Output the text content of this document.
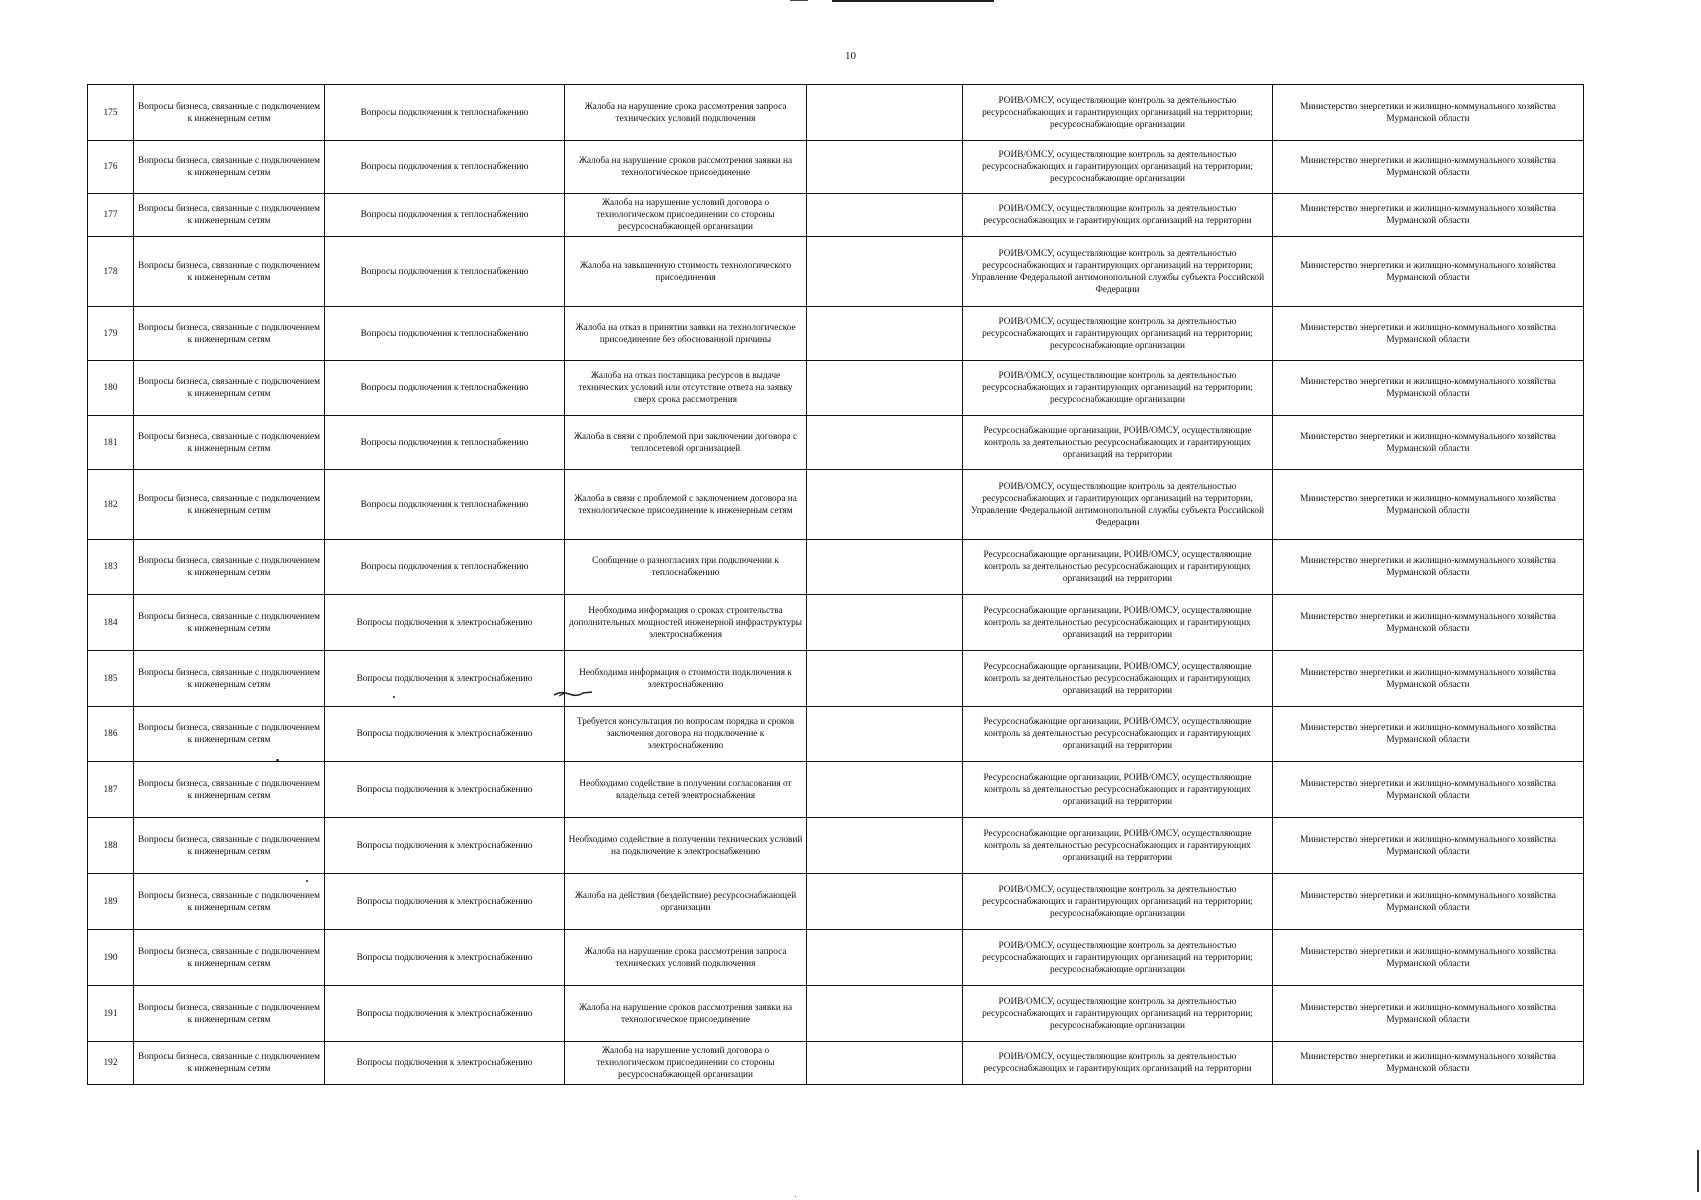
10
175	Вопросы бизнеса, связанные с подключением к инженерным сетям	Вопросы подключения к теплоснабжению	Жалоба на нарушение срока рассмотрения запроса технических условий подключения		РОИВ/ОМСУ, осуществляющие контроль за деятельностью ресурсоснабжающих и гарантирующих организаций на территории; ресурсоснабжающие организации	Министерство энергетики и жилищно-коммунального хозяйства Мурманской области
176	Вопросы бизнеса, связанные с подключением к инженерным сетям	Вопросы подключения к теплоснабжению	Жалоба на нарушение сроков рассмотрения заявки на технологическое присоединение		РОИВ/ОМСУ, осуществляющие контроль за деятельностью ресурсоснабжающих и гарантирующих организаций на территории; ресурсоснабжающие организации	Министерство энергетики и жилищно-коммунального хозяйства Мурманской области
177	Вопросы бизнеса, связанные с подключением к инженерным сетям	Вопросы подключения к теплоснабжению	Жалоба на нарушение условий договора о технологическом присоединении со стороны ресурсоснабжающей организации		РОИВ/ОМСУ, осуществляющие контроль за деятельностью ресурсоснабжающих и гарантирующих организаций на территории	Министерство энергетики и жилищно-коммунального хозяйства Мурманской области
178	Вопросы бизнеса, связанные с подключением к инженерным сетям	Вопросы подключения к теплоснабжению	Жалоба на завышенную стоимость технологического присоединения		РОИВ/ОМСУ, осуществляющие контроль за деятельностью ресурсоснабжающих и гарантирующих организаций на территории; Управление Федеральной антимонопольной службы субъекта Российской Федерации	Министерство энергетики и жилищно-коммунального хозяйства Мурманской области
179	Вопросы бизнеса, связанные с подключением к инженерным сетям	Вопросы подключения к теплоснабжению	Жалоба на отказ в принятии заявки на технологическое присоединение без обоснованной причины		РОИВ/ОМСУ, осуществляющие контроль за деятельностью ресурсоснабжающих и гарантирующих организаций на территории; ресурсоснабжающие организации	Министерство энергетики и жилищно-коммунального хозяйства Мурманской области
180	Вопросы бизнеса, связанные с подключением к инженерным сетям	Вопросы подключения к теплоснабжению	Жалоба на отказ поставщика ресурсов в выдаче технических условий или отсутствие ответа на заявку сверх срока рассмотрения		РОИВ/ОМСУ, осуществляющие контроль за деятельностью ресурсоснабжающих и гарантирующих организаций на территории; ресурсоснабжающие организации	Министерство энергетики и жилищно-коммунального хозяйства Мурманской области
181	Вопросы бизнеса, связанные с подключением к инженерным сетям	Вопросы подключения к теплоснабжению	Жалоба в связи с проблемой при заключении договора с теплосетевой организацией		Ресурсоснабжающие организации, РОИВ/ОМСУ, осуществляющие контроль за деятельностью ресурсоснабжающих и гарантирующих организаций на территории	Министерство энергетики и жилищно-коммунального хозяйства Мурманской области
182	Вопросы бизнеса, связанные с подключением к инженерным сетям	Вопросы подключения к теплоснабжению	Жалоба в связи с проблемой с заключением договора на технологическое присоединение к инженерным сетям		РОИВ/ОМСУ, осуществляющие контроль за деятельностью ресурсоснабжающих и гарантирующих организаций на территории, Управление Федеральной антимонопольной службы субъекта Российской Федерации	Министерство энергетики и жилищно-коммунального хозяйства Мурманской области
183	Вопросы бизнеса, связанные с подключением к инженерным сетям	Вопросы подключения к теплоснабжению	Сообщение о разногласиях при подключении к теплоснабжению		Ресурсоснабжающие организации, РОИВ/ОМСУ, осуществляющие контроль за деятельностью ресурсоснабжающих и гарантирующих организаций на территории	Министерство энергетики и жилищно-коммунального хозяйства Мурманской области
184	Вопросы бизнеса, связанные с подключением к инженерным сетям	Вопросы подключения к электроснабжению	Необходима информация о сроках строительства дополнительных мощностей инженерной инфраструктуры электроснабжения		Ресурсоснабжающие организации, РОИВ/ОМСУ, осуществляющие контроль за деятельностью ресурсоснабжающих и гарантирующих организаций на территории	Министерство энергетики и жилищно-коммунального хозяйства Мурманской области
185	Вопросы бизнеса, связанные с подключением к инженерным сетям	Вопросы подключения к электроснабжению	Необходима информация о стоимости подключения к электроснабжению		Ресурсоснабжающие организации, РОИВ/ОМСУ, осуществляющие контроль за деятельностью ресурсоснабжающих и гарантирующих организаций на территории	Министерство энергетики и жилищно-коммунального хозяйства Мурманской области
186	Вопросы бизнеса, связанные с подключением к инженерным сетям	Вопросы подключения к электроснабжению	Требуется консультация по вопросам порядка и сроков заключения договора на подключение к электроснабжению		Ресурсоснабжающие организации, РОИВ/ОМСУ, осуществляющие контроль за деятельностью ресурсоснабжающих и гарантирующих организаций на территории	Министерство энергетики и жилищно-коммунального хозяйства Мурманской области
187	Вопросы бизнеса, связанные с подключением к инженерным сетям	Вопросы подключения к электроснабжению	Необходимо содействие в получении согласования от владельца сетей электроснабжения		Ресурсоснабжающие организации, РОИВ/ОМСУ, осуществляющие контроль за деятельностью ресурсоснабжающих и гарантирующих организаций на территории	Министерство энергетики и жилищно-коммунального хозяйства Мурманской области
188	Вопросы бизнеса, связанные с подключением к инженерным сетям	Вопросы подключения к электроснабжению	Необходимо содействие в получении технических условий на подключение к электроснабжению		Ресурсоснабжающие организации, РОИВ/ОМСУ, осуществляющие контроль за деятельностью ресурсоснабжающих и гарантирующих организаций на территории	Министерство энергетики и жилищно-коммунального хозяйства Мурманской области
189	Вопросы бизнеса, связанные с подключением к инженерным сетям	Вопросы подключения к электроснабжению	Жалоба на действия (бездействие) ресурсоснабжающей организации		РОИВ/ОМСУ, осуществляющие контроль за деятельностью ресурсоснабжающих и гарантирующих организаций на территории; ресурсоснабжающие организации	Министерство энергетики и жилищно-коммунального хозяйства Мурманской области
190	Вопросы бизнеса, связанные с подключением к инженерным сетям	Вопросы подключения к электроснабжению	Жалоба на нарушение срока рассмотрения запроса технических условий подключения		РОИВ/ОМСУ, осуществляющие контроль за деятельностью ресурсоснабжающих и гарантирующих организаций на территории; ресурсоснабжающие организации	Министерство энергетики и жилищно-коммунального хозяйства Мурманской области
191	Вопросы бизнеса, связанные с подключением к инженерным сетям	Вопросы подключения к электроснабжению	Жалоба на нарушение сроков рассмотрения заявки на технологическое присоединение		РОИВ/ОМСУ, осуществляющие контроль за деятельностью ресурсоснабжающих и гарантирующих организаций на территории; ресурсоснабжающие организации	Министерство энергетики и жилищно-коммунального хозяйства Мурманской области
192	Вопросы бизнеса, связанные с подключением к инженерным сетям	Вопросы подключения к электроснабжению	Жалоба на нарушение условий договора о технологическом присоединении со стороны ресурсоснабжающей организации		РОИВ/ОМСУ, осуществляющие контроль за деятельностью ресурсоснабжающих и гарантирующих организаций на территории	Министерство энергетики и жилищно-коммунального хозяйства Мурманской области
